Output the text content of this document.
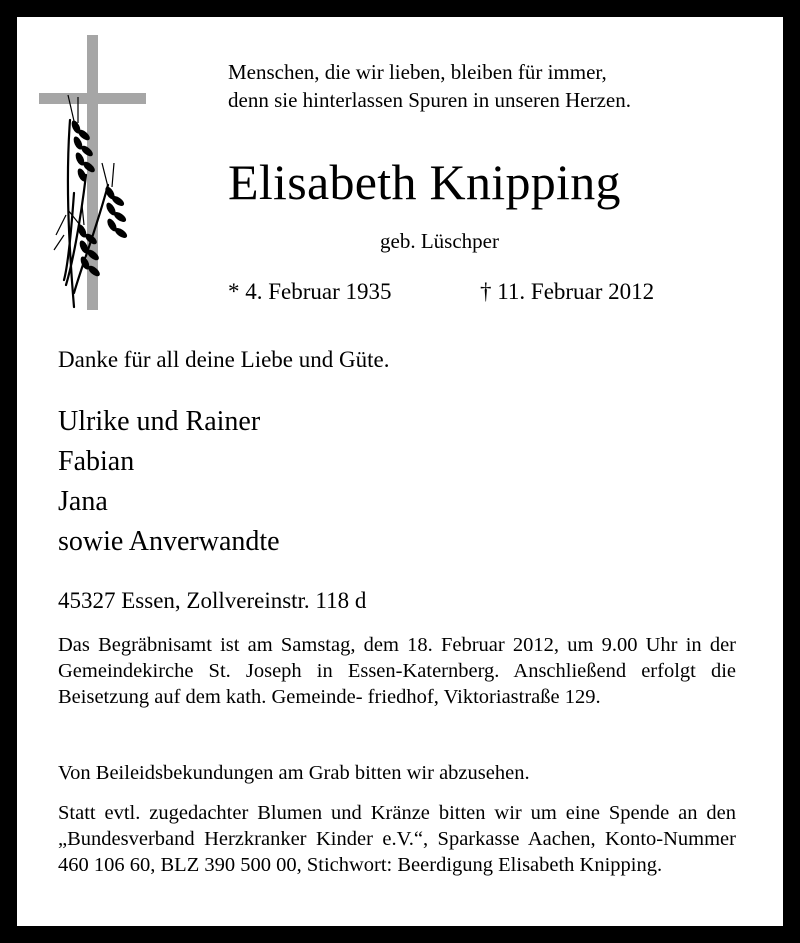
Menschen, die wir lieben, bleiben für immer,
denn sie hinterlassen Spuren in unseren Herzen.
Elisabeth Knipping
geb. Lüschper
* 4. Februar 1935	† 11. Februar 2012
Danke für all deine Liebe und Güte.
Ulrike und Rainer
Fabian
Jana
sowie Anverwandte
45327 Essen, Zollvereinstr. 118 d
Das Begräbnisamt ist am Samstag, dem 18. Februar 2012, um 9.00 Uhr in der Gemeindekirche St. Joseph in Essen-Katernberg. Anschließend erfolgt die Beisetzung auf dem kath. Gemeinde- friedhof, Viktoriastraße 129.
Von Beileidsbekundungen am Grab bitten wir abzusehen.
Statt evtl. zugedachter Blumen und Kränze bitten wir um eine Spende an den „Bundesverband Herzkranker Kinder e.V.“, Sparkasse Aachen, Konto-Nummer 460 106 60, BLZ 390 500 00, Stichwort: Beerdigung Elisabeth Knipping.
